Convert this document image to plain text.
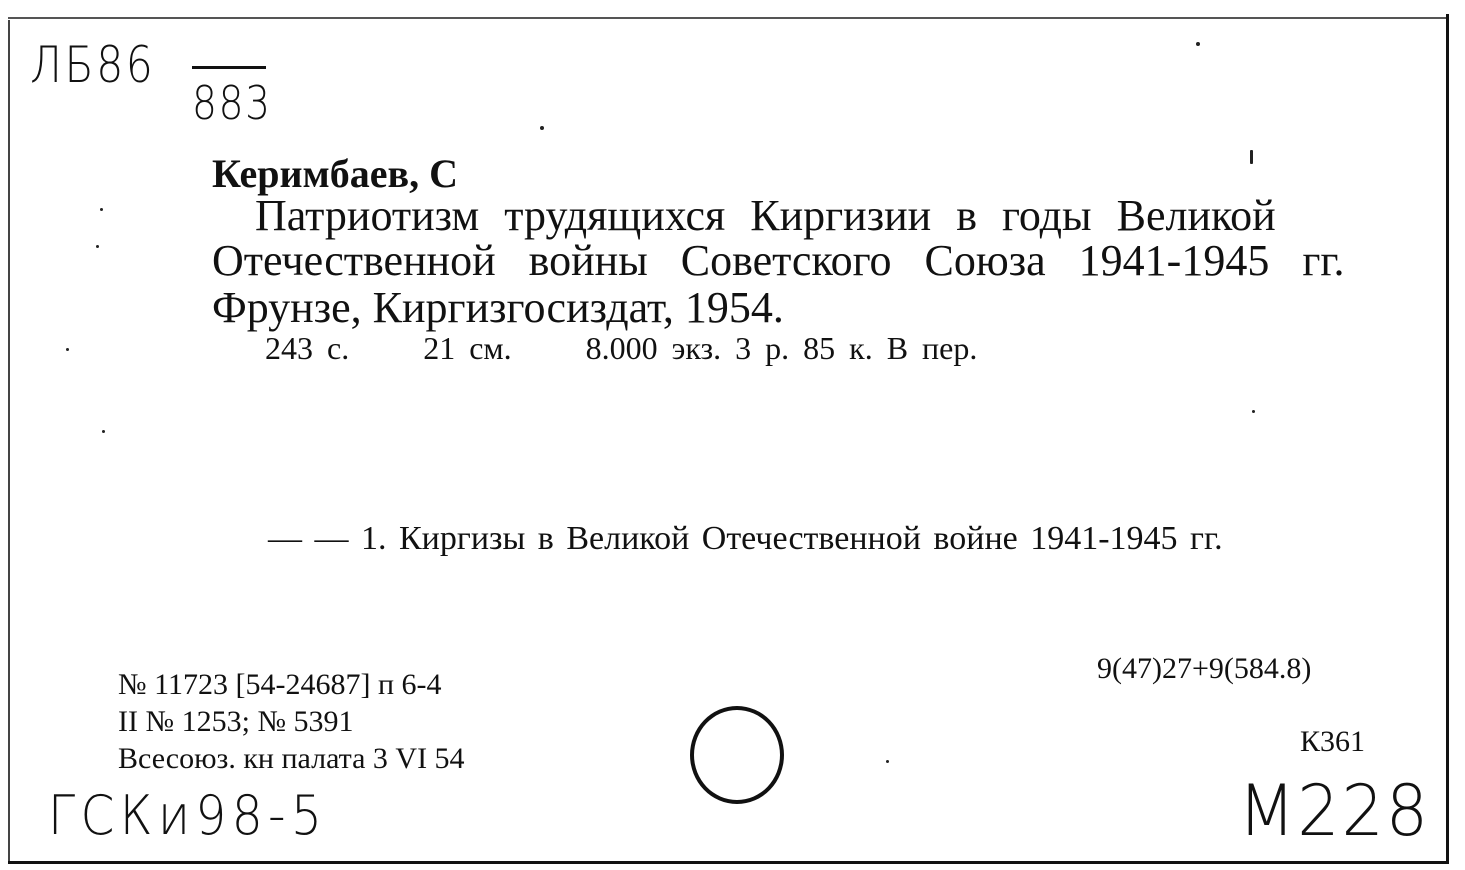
ЛБ86
883
Керимбаев, С
Патриотизм трудящихся Киргизии в годы Великой
Отечественной войны Советского Союза 1941-1945 гг.
Фрунзе, Киргизгосиздат, 1954.
243 с. 21 см. 8.000 экз. 3 р. 85 к. В пер.
— — 1. Киргизы в Великой Отечественной войне 1941-1945 гг.
№ 11723 [54-24687] п 6-4
II № 1253; № 5391
Всесоюз. кн палата 3 VI 54
9(47)27+9(584.8)
К361
ГСКи98-5	М228
